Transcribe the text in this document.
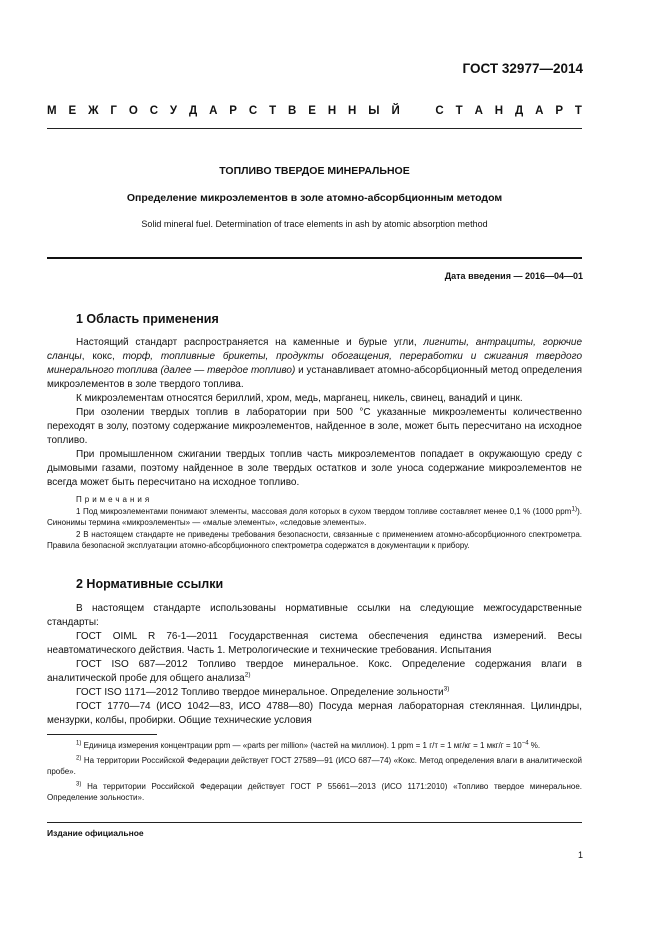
ГОСТ 32977—2014
М Е Ж Г О С У Д А Р С Т В Е Н Н Ы Й	С Т А Н Д А Р Т
ТОПЛИВО ТВЕРДОЕ МИНЕРАЛЬНОЕ
Определение микроэлементов в золе атомно-абсорбционным методом
Solid mineral fuel. Determination of trace elements in ash by atomic absorption method
Дата введения — 2016—04—01
1 Область применения

Настоящий стандарт распространяется на каменные и бурые угли, лигниты, антрациты, горючие сланцы, кокс, торф, топливные брикеты, продукты обогащения, переработки и сжигания твердого минерального топлива (далее — твердое топливо) и устанавливает атомно-абсорбционный метод определения микроэлементов в золе твердого топлива.

К микроэлементам относятся бериллий, хром, медь, марганец, никель, свинец, ванадий и цинк.

При озолении твердых топлив в лаборатории при 500 °С указанные микроэлементы количественно переходят в золу, поэтому содержание микроэлементов, найденное в золе, может быть пересчитано на исходное топливо.

При промышленном сжигании твердых топлив часть микроэлементов попадает в окружающую среду с дымовыми газами, поэтому найденное в золе твердых остатков и золе уноса содержание микроэлементов не всегда может быть пересчитано на исходное топливо.

Примечания

1 Под микроэлементами понимают элементы, массовая доля которых в сухом твердом топливе составляет менее 0,1 % (1000 ppm$^{1)}$). Синонимы термина «микроэлементы» — «малые элементы», «следовые элементы».

2 В настоящем стандарте не приведены требования безопасности, связанные с применением атомно-абсорбционного спектрометра. Правила безопасной эксплуатации атомно-абсорбционного спектрометра содержатся в документации к прибору.

2 Нормативные ссылки

В настоящем стандарте использованы нормативные ссылки на следующие межгосударственные стандарты:

ГОСТ OIML R 76-1—2011 Государственная система обеспечения единства измерений. Весы неавтоматического действия. Часть 1. Метрологические и технические требования. Испытания

ГОСТ ISO 687—2012 Топливо твердое минеральное. Кокс. Определение содержания влаги в аналитической пробе для общего анализа$^{2)}$

ГОСТ ISO 1171—2012 Топливо твердое минеральное. Определение зольности$^{3)}$

ГОСТ 1770—74 (ИСО 1042—83, ИСО 4788—80) Посуда мерная лабораторная стеклянная. Цилиндры, мензурки, колбы, пробирки. Общие технические условия

$^{1)}$ Единица измерения концентрации ppm — «parts per million» (частей на миллион). 1 ppm = 1 г/т = 1 мг/кг = 1 $мкг/г = 10^{-4}$ %.

$^{2)}$ На территории Российской Федерации действует ГОСТ 27589—91 (ИСО 687—74) «Кокс. Метод определения влаги в аналитической пробе».

$^{3)}$ На территории Российской Федерации действует ГОСТ Р 55661—2013 (ИСО 1171:2010) «Топливо твердое минеральное. Определение зольности».

Издание официальное
1
